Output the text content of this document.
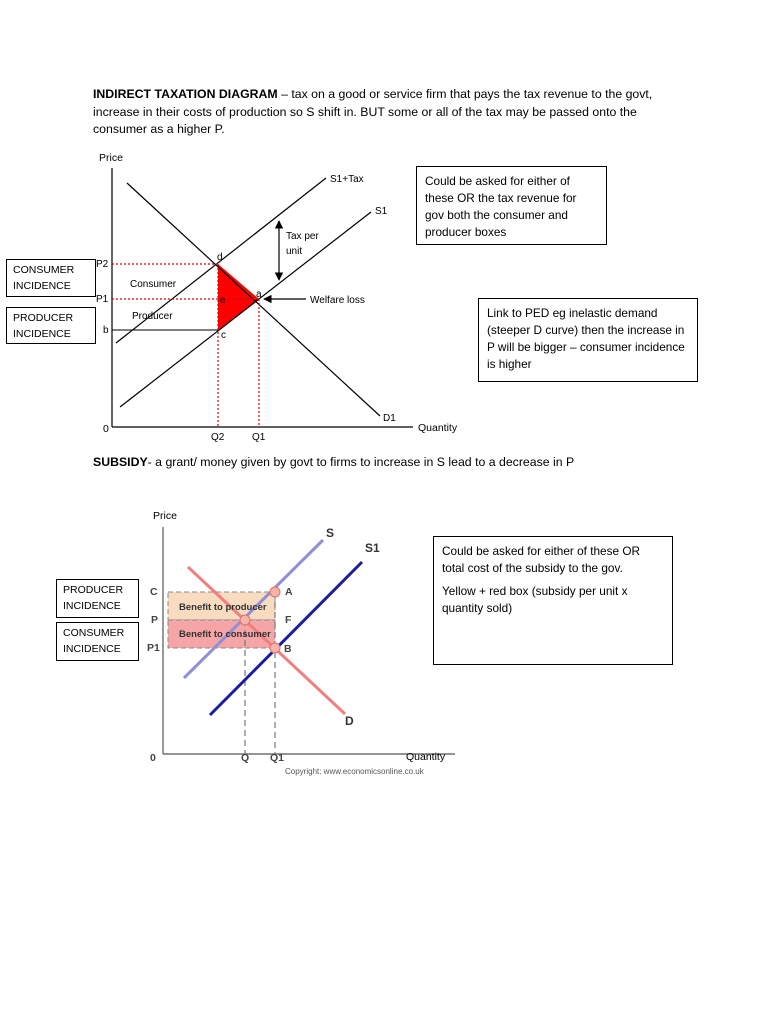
INDIRECT TAXATION DIAGRAM – tax on a good or service firm that pays the tax revenue to the govt, increase in their costs of production so S shift in. BUT some or all of the tax may be passed onto the consumer as a higher P.
CONSUMER INCIDENCE
PRODUCER INCIDENCE
Could be asked for either of these OR the tax revenue for gov both the consumer and producer boxes
Link to PED eg inelastic demand (steeper D curve) then the increase in P will be bigger – consumer incidence is higher
Price
Quantity
0
P2
P1
b
Q2	Q1
S1+Tax
S1
D1
Tax per
unit
Consumer
Producer
Welfare loss
d
e
a
c
SUBSIDY- a grant/ money given by govt to firms to increase in S lead to a decrease in P
PRODUCER INCIDENCE
CONSUMER INCIDENCE

Could be asked for either of these OR total cost of the subsidy to the gov.

Yellow + red box (subsidy per unit x quantity sold)

Price
Quantity
0
Benefit to producer
Benefit to consumer
C
P
P1
Q Q1
S
S1
D
A
F
B
Copyright: www.economicsonline.co.uk
